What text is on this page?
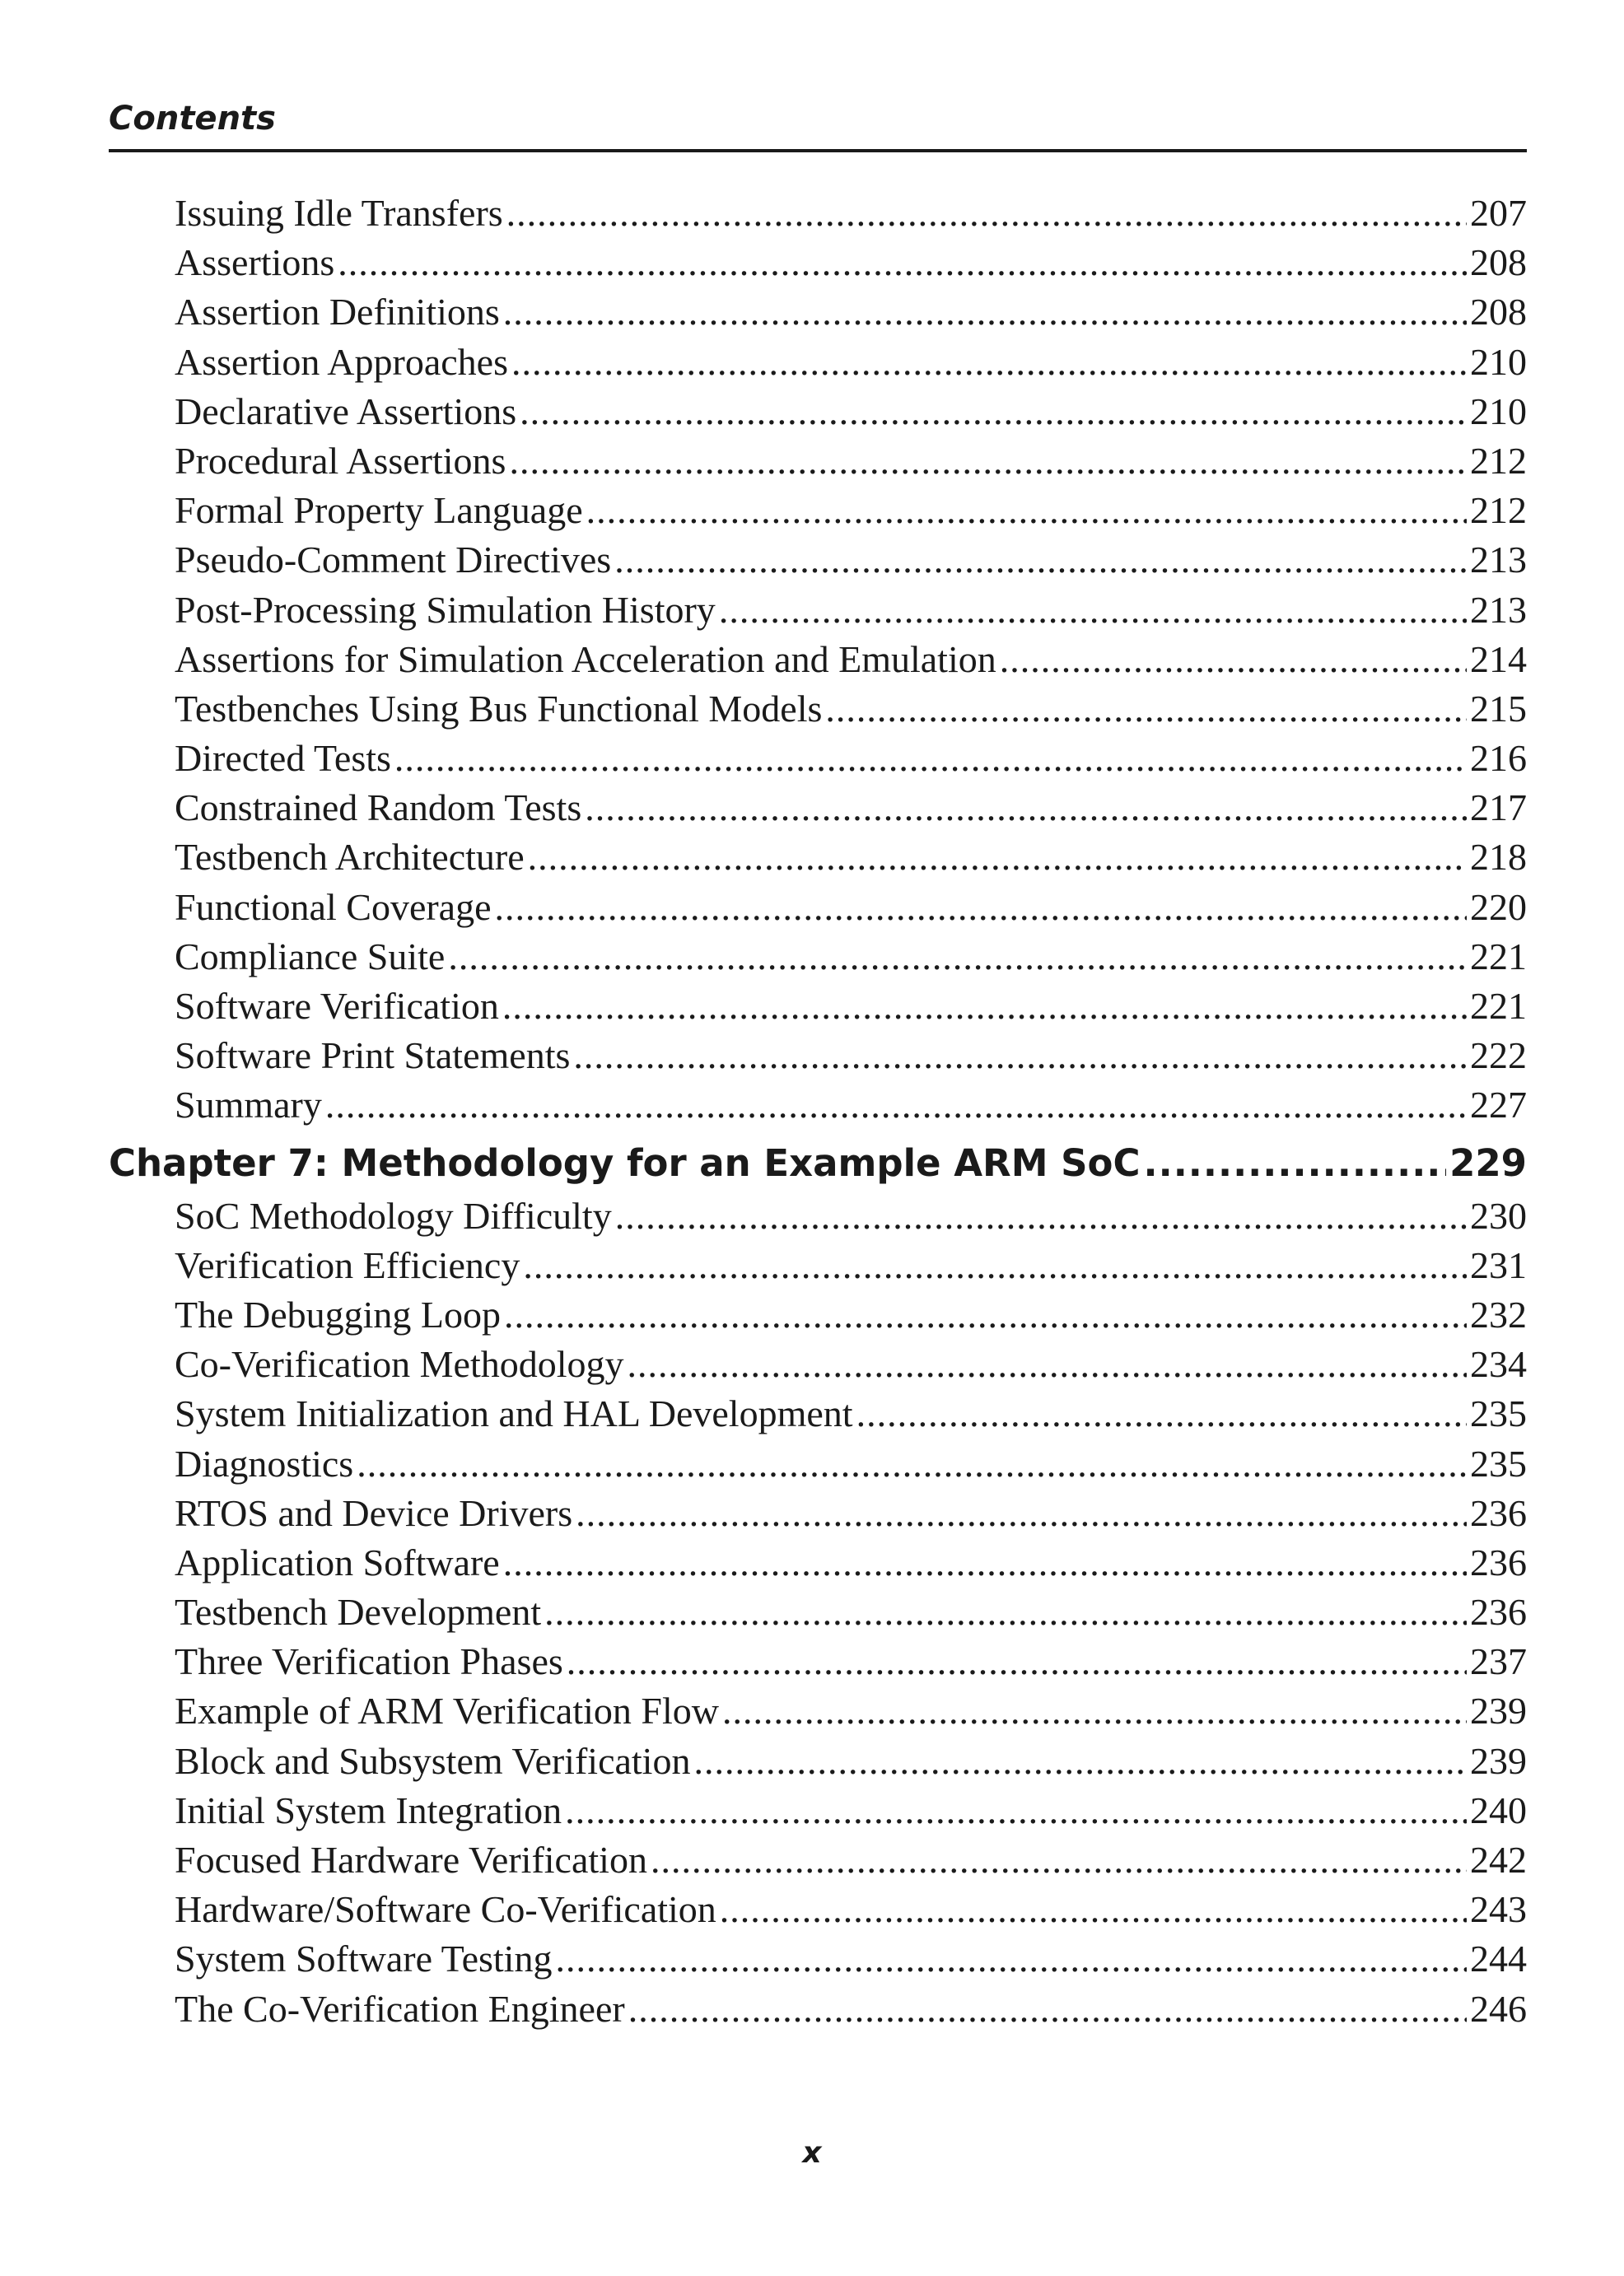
Contents
Issuing Idle Transfers .....	207
Assertions .....	208
Assertion Definitions .....	208
Assertion Approaches .....	210
Declarative Assertions .....	210
Procedural Assertions .....	212
Formal Property Language .....	212
Pseudo-Comment Directives .....	213
Post-Processing Simulation History .....	213
Assertions for Simulation Acceleration and Emulation .....	214
Testbenches Using Bus Functional Models .....	215
Directed Tests .....	216
Constrained Random Tests .....	217
Testbench Architecture .....	218
Functional Coverage .....	220
Compliance Suite .....	221
Software Verification .....	221
Software Print Statements .....	222
Summary .....	227
Chapter 7: Methodology for an Example ARM SoC .....	229
SoC Methodology Difficulty .....	230
Verification Efficiency .....	231
The Debugging Loop .....	232
Co-Verification Methodology .....	234
System Initialization and HAL Development .....	235
Diagnostics .....	235
RTOS and Device Drivers .....	236
Application Software .....	236
Testbench Development .....	236
Three Verification Phases .....	237
Example of ARM Verification Flow .....	239
Block and Subsystem Verification .....	239
Initial System Integration .....	240
Focused Hardware Verification .....	242
Hardware/Software Co-Verification .....	243
System Software Testing .....	244
The Co-Verification Engineer .....	246
x
